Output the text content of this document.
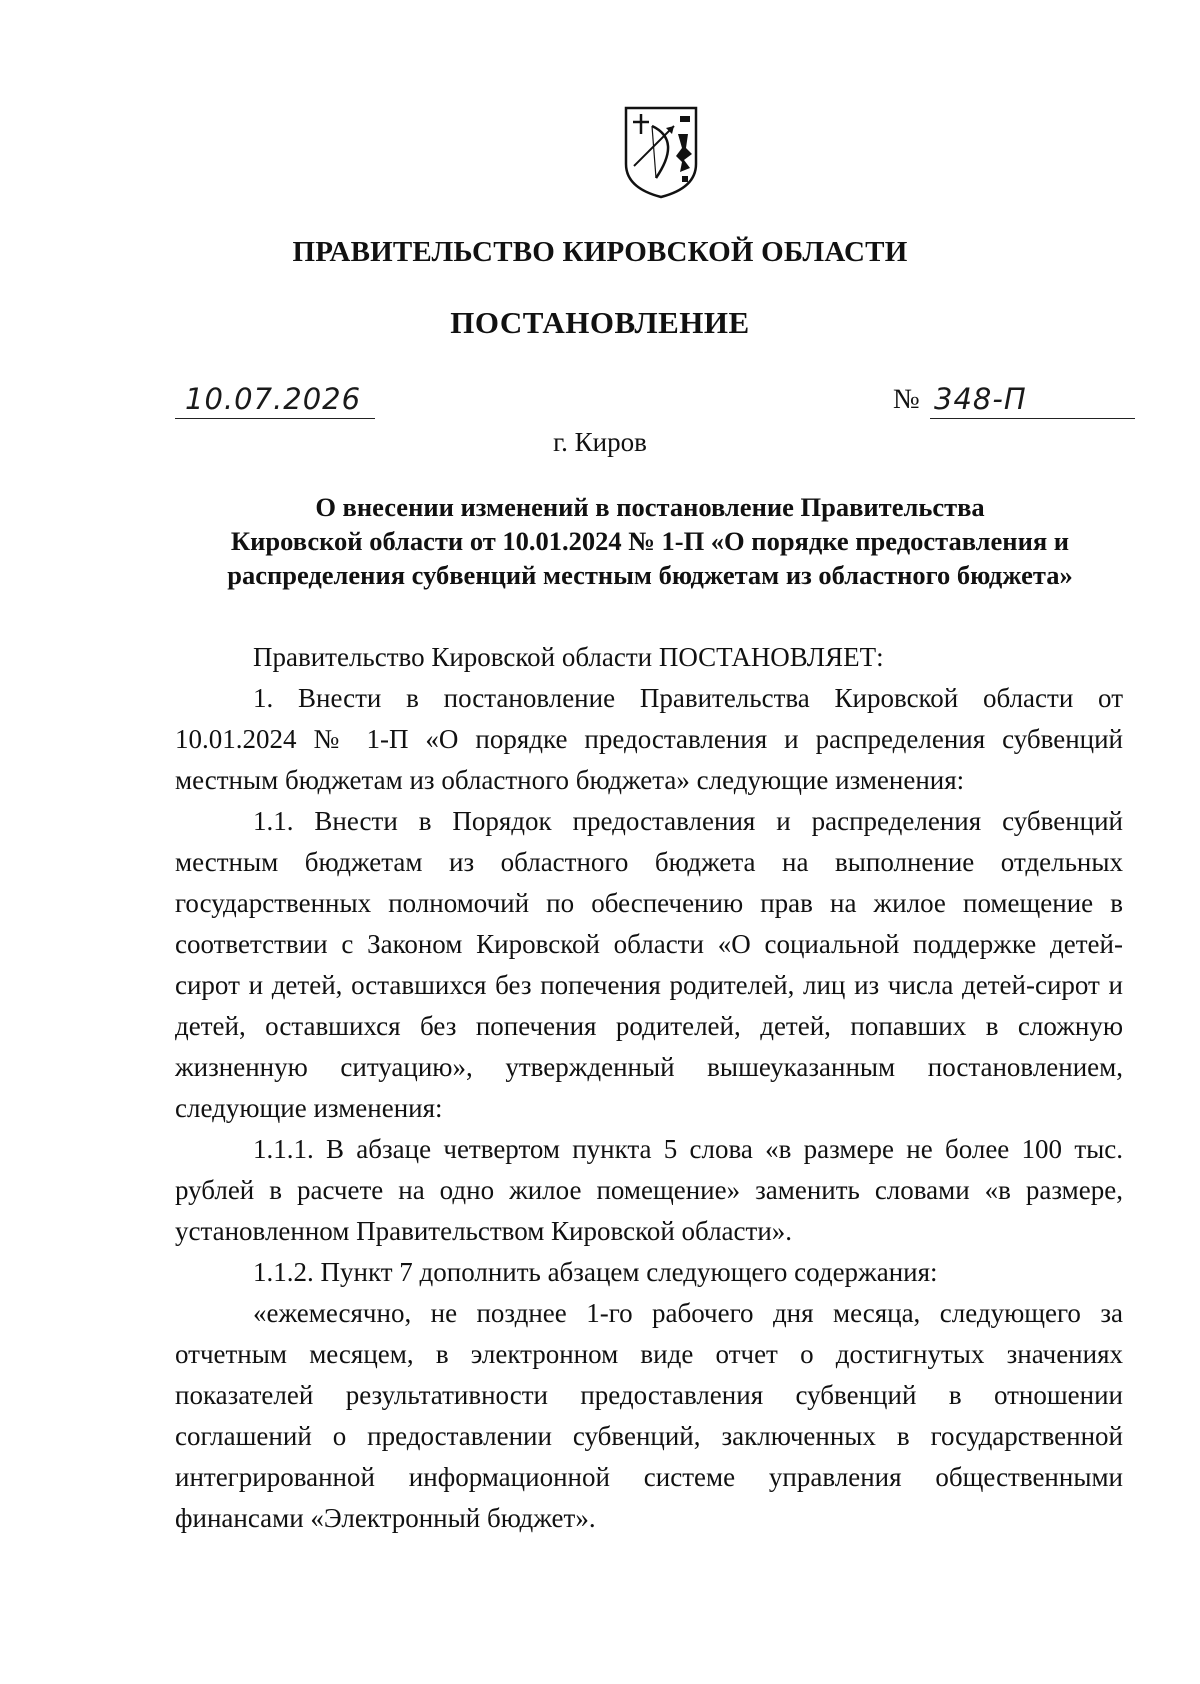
ПРАВИТЕЛЬСТВО КИРОВСКОЙ ОБЛАСТИ
ПОСТАНОВЛЕНИЕ
10.07.2026	№ 348-П
г. Киров
О внесении изменений в постановление Правительства
Кировской области от 10.01.2024 № 1-П «О порядке предоставления и
распределения субвенций местным бюджетам из областного бюджета»

Правительство Кировской области ПОСТАНОВЛЯЕТ:

1. Внести в постановление Правительства Кировской области от 10.01.2024 № 1-П «О порядке предоставления и распределения субвенций местным бюджетам из областного бюджета» следующие изменения:

1.1. Внести в Порядок предоставления и распределения субвенций местным бюджетам из областного бюджета на выполнение отдельных государственных полномочий по обеспечению прав на жилое помещение в соответствии с Законом Кировской области «О социальной поддержке детей-сирот и детей, оставшихся без попечения родителей, лиц из числа детей-сирот и детей, оставшихся без попечения родителей, детей, попавших в сложную жизненную ситуацию», утвержденный вышеуказанным постановлением, следующие изменения:

1.1.1. В абзаце четвертом пункта 5 слова «в размере не более 100 тыс. рублей в расчете на одно жилое помещение» заменить словами «в размере, установленном Правительством Кировской области».

1.1.2. Пункт 7 дополнить абзацем следующего содержания:

«ежемесячно, не позднее 1-го рабочего дня месяца, следующего за отчетным месяцем, в электронном виде отчет о достигнутых значениях показателей результативности предоставления субвенций в отношении соглашений о предоставлении субвенций, заключенных в государственной интегрированной информационной системе управления общественными финансами «Электронный бюджет».
